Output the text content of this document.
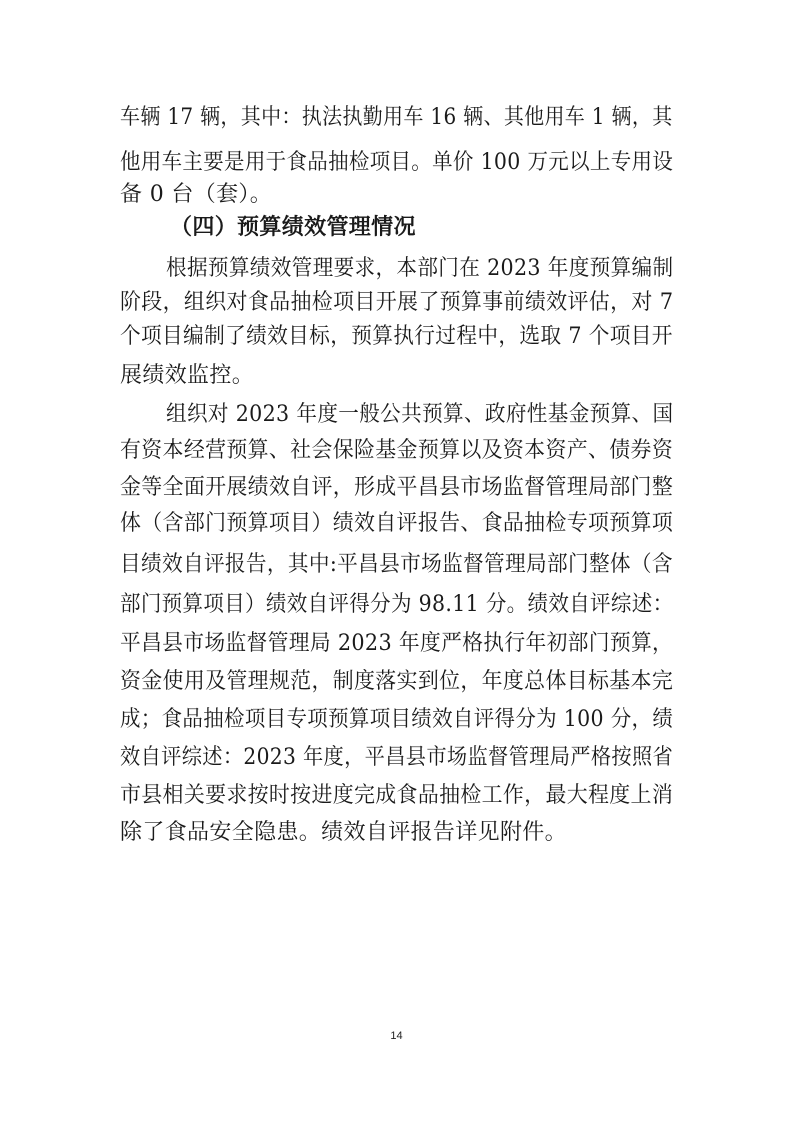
车辆 17 辆，其中：执法执勤用车 16 辆、其他用车 1 辆，其

他用车主要是用于食品抽检项目。单价 100 万元以上专用设

备 0 台（套）。

（四）预算绩效管理情况

根据预算绩效管理要求，本部门在 2023 年度预算编制

阶段，组织对食品抽检项目开展了预算事前绩效评估，对 7

个项目编制了绩效目标，预算执行过程中，选取 7 个项目开

展绩效监控。

组织对 2023 年度一般公共预算、政府性基金预算、国

有资本经营预算、社会保险基金预算以及资本资产、债券资

金等全面开展绩效自评，形成平昌县市场监督管理局部门整

体（含部门预算项目）绩效自评报告、食品抽检专项预算项

目绩效自评报告，其中:平昌县市场监督管理局部门整体（含

部门预算项目）绩效自评得分为 98.11 分。绩效自评综述：

平昌县市场监督管理局 2023 年度严格执行年初部门预算，

资金使用及管理规范，制度落实到位，年度总体目标基本完

成；食品抽检项目专项预算项目绩效自评得分为 100 分，绩

效自评综述：2023 年度，平昌县市场监督管理局严格按照省

市县相关要求按时按进度完成食品抽检工作，最大程度上消

除了食品安全隐患。绩效自评报告详见附件。

14
